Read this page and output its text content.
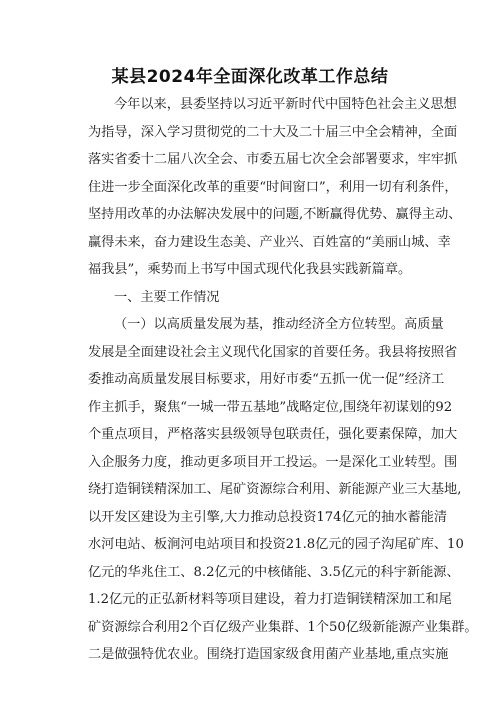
某县2024年全面深化改革工作总结
今年以来，县委坚持以习近平新时代中国特色社会主义思想
为指导，深入学习贯彻党的二十大及二十届三中全会精神，全面
落实省委十二届八次全会、市委五届七次全会部署要求，牢牢抓
住进一步全面深化改革的重要“时间窗口”，利用一切有利条件，
坚持用改革的办法解决发展中的问题,不断赢得优势、赢得主动、
赢得未来，奋力建设生态美、产业兴、百姓富的“美丽山城、幸
福我县”，乘势而上书写中国式现代化我县实践新篇章。
一、主要工作情况
（一）以高质量发展为基，推动经济全方位转型。高质量
发展是全面建设社会主义现代化国家的首要任务。我县将按照省
委推动高质量发展目标要求，用好市委“五抓一优一促”经济工
作主抓手，聚焦“一城一带五基地”战略定位,围绕年初谋划的92
个重点项目，严格落实县级领导包联责任，强化要素保障，加大
入企服务力度，推动更多项目开工投运。一是深化工业转型。围
绕打造铜镁精深加工、尾矿资源综合利用、新能源产业三大基地,
以开发区建设为主引擎,大力推动总投资174亿元的抽水蓄能清
水河电站、板涧河电站项目和投资21.8亿元的园子沟尾矿库、10
亿元的华兆住工、8.2亿元的中核储能、3.5亿元的科宇新能源、
1.2亿元的正弘新材料等项目建设，着力打造铜镁精深加工和尾
矿资源综合利用2个百亿级产业集群、1个50亿级新能源产业集群。
二是做强特优农业。围绕打造国家级食用菌产业基地,重点实施
